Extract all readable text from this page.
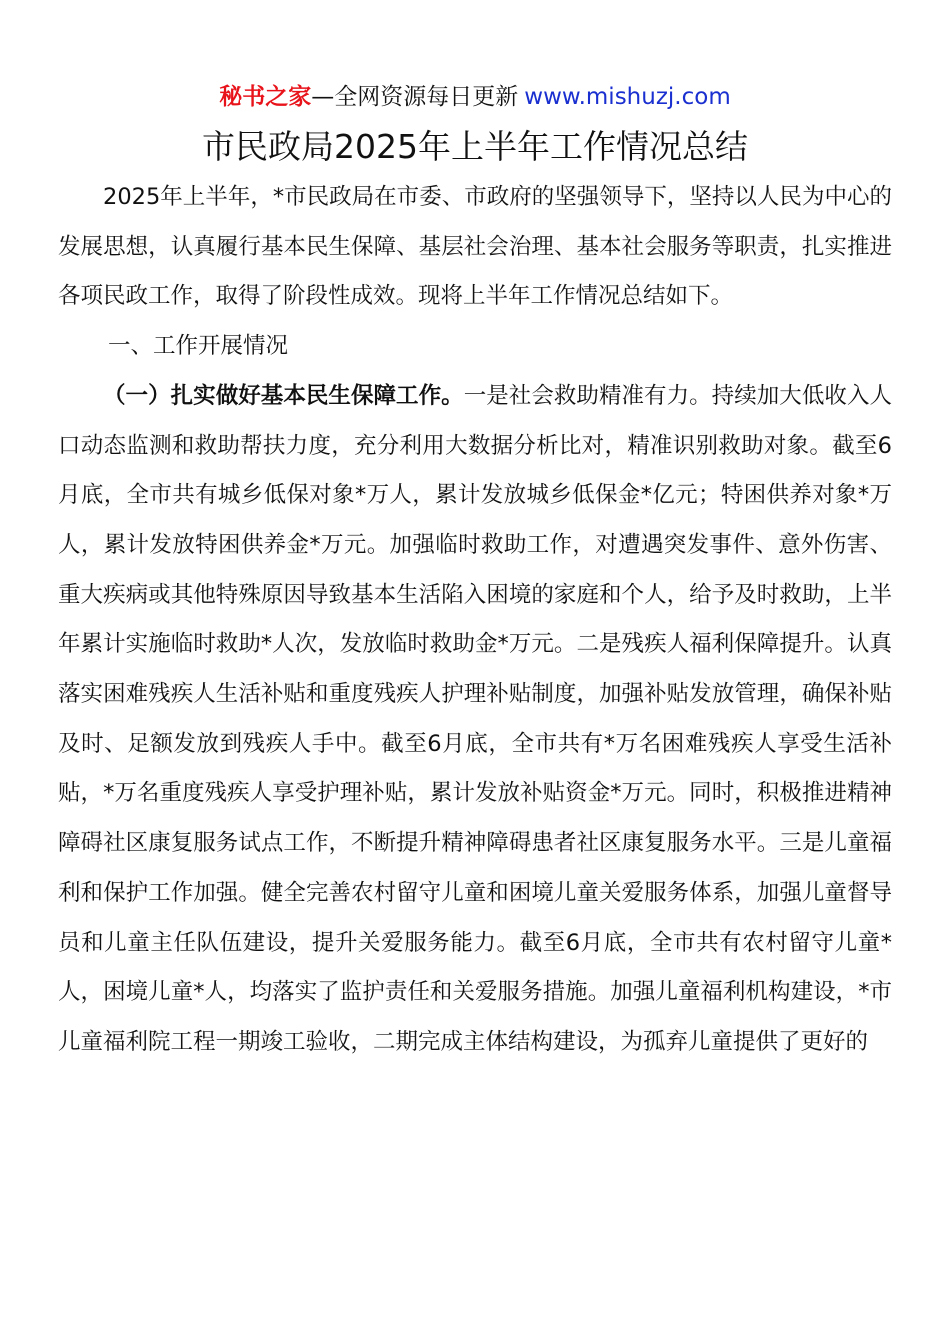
秘书之家—全网资源每日更新 www.mishuzj.com
市民政局2025年上半年工作情况总结

2025年上半年，*市民政局在市委、市政府的坚强领导下，坚持以人民为中心的发展思想，认真履行基本民生保障、基层社会治理、基本社会服务等职责，扎实推进各项民政工作，取得了阶段性成效。现将上半年工作情况总结如下。

一、工作开展情况

（一）扎实做好基本民生保障工作。一是社会救助精准有力。持续加大低收入人口动态监测和救助帮扶力度，充分利用大数据分析比对，精准识别救助对象。截至6月底，全市共有城乡低保对象*万人，累计发放城乡低保金*亿元；特困供养对象*万人，累计发放特困供养金*万元。加强临时救助工作，对遭遇突发事件、意外伤害、重大疾病或其他特殊原因导致基本生活陷入困境的家庭和个人，给予及时救助，上半年累计实施临时救助*人次，发放临时救助金*万元。二是残疾人福利保障提升。认真落实困难残疾人生活补贴和重度残疾人护理补贴制度，加强补贴发放管理，确保补贴及时、足额发放到残疾人手中。截至6月底，全市共有*万名困难残疾人享受生活补贴，*万名重度残疾人享受护理补贴，累计发放补贴资金*万元。同时，积极推进精神障碍社区康复服务试点工作，不断提升精神障碍患者社区康复服务水平。三是儿童福利和保护工作加强。健全完善农村留守儿童和困境儿童关爱服务体系，加强儿童督导员和儿童主任队伍建设，提升关爱服务能力。截至6月底，全市共有农村留守儿童*人，困境儿童*人，均落实了监护责任和关爱服务措施。加强儿童福利机构建设，*市儿童福利院工程一期竣工验收，二期完成主体结构建设，为孤弃儿童提供了更好的
